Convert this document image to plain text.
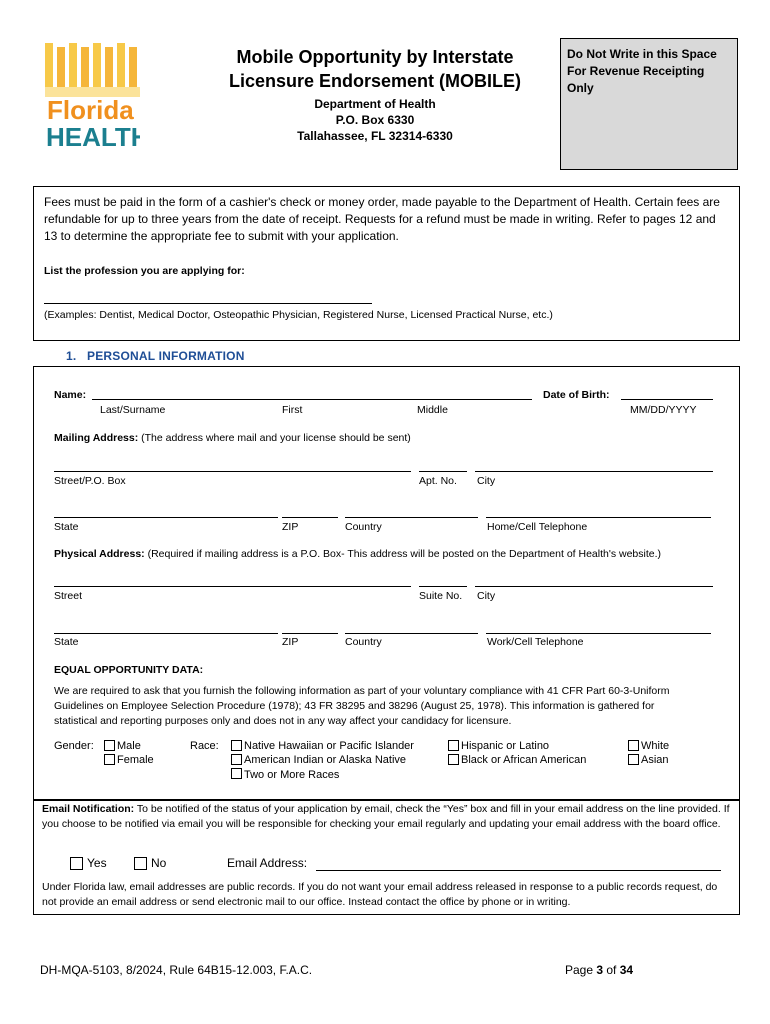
Florida
HEALTH
Mobile Opportunity by Interstate
Licensure Endorsement (MOBILE)
Department of Health
P.O. Box 6330
Tallahassee, FL 32314-6330
Do Not Write in this Space
For Revenue Receipting Only
Fees must be paid in the form of a cashier's check or money order, made payable to the Department of Health. Certain fees are refundable for up to three years from the date of receipt. Requests for a refund must be made in writing. Refer to pages 12 and 13 to determine the appropriate fee to submit with your application.
List the profession you are applying for:
(Examples: Dentist, Medical Doctor, Osteopathic Physician, Registered Nurse, Licensed Practical Nurse, etc.)
1.   PERSONAL INFORMATION
Name:	Date of Birth:
Last/Surname	First	Middle	MM/DD/YYYY
Mailing Address: (The address where mail and your license should be sent)
Street/P.O. Box	Apt. No. City
State	ZIP	Country	Home/Cell Telephone
Physical Address: (Required if mailing address is a P.O. Box- This address will be posted on the Department of Health's website.)
Street	Suite No. City
State	ZIP	Country	Work/Cell Telephone
EQUAL OPPORTUNITY DATA:
We are required to ask that you furnish the following information as part of your voluntary compliance with 41 CFR Part 60-3-Uniform Guidelines on Employee Selection Procedure (1978); 43 FR 38295 and 38296 (August 25, 1978). This information is gathered for statistical and reporting purposes only and does not in any way affect your candidacy for licensure.
Gender: Male
Female
Race: Native Hawaiian or Pacific Islander
American Indian or Alaska Native
Two or More Races
Hispanic or Latino
Black or African American
White
Asian
Email Notification: To be notified of the status of your application by email, check the “Yes” box and fill in your email address on the line provided. If you choose to be notified via email you will be responsible for checking your email regularly and updating your email address with the board office.
Yes	No	Email Address:
Under Florida law, email addresses are public records. If you do not want your email address released in response to a public records request, do not provide an email address or send electronic mail to our office. Instead contact the office by phone or in writing.
DH-MQA-5103, 8/2024, Rule 64B15-12.003, F.A.C.	Page 3 of 34
